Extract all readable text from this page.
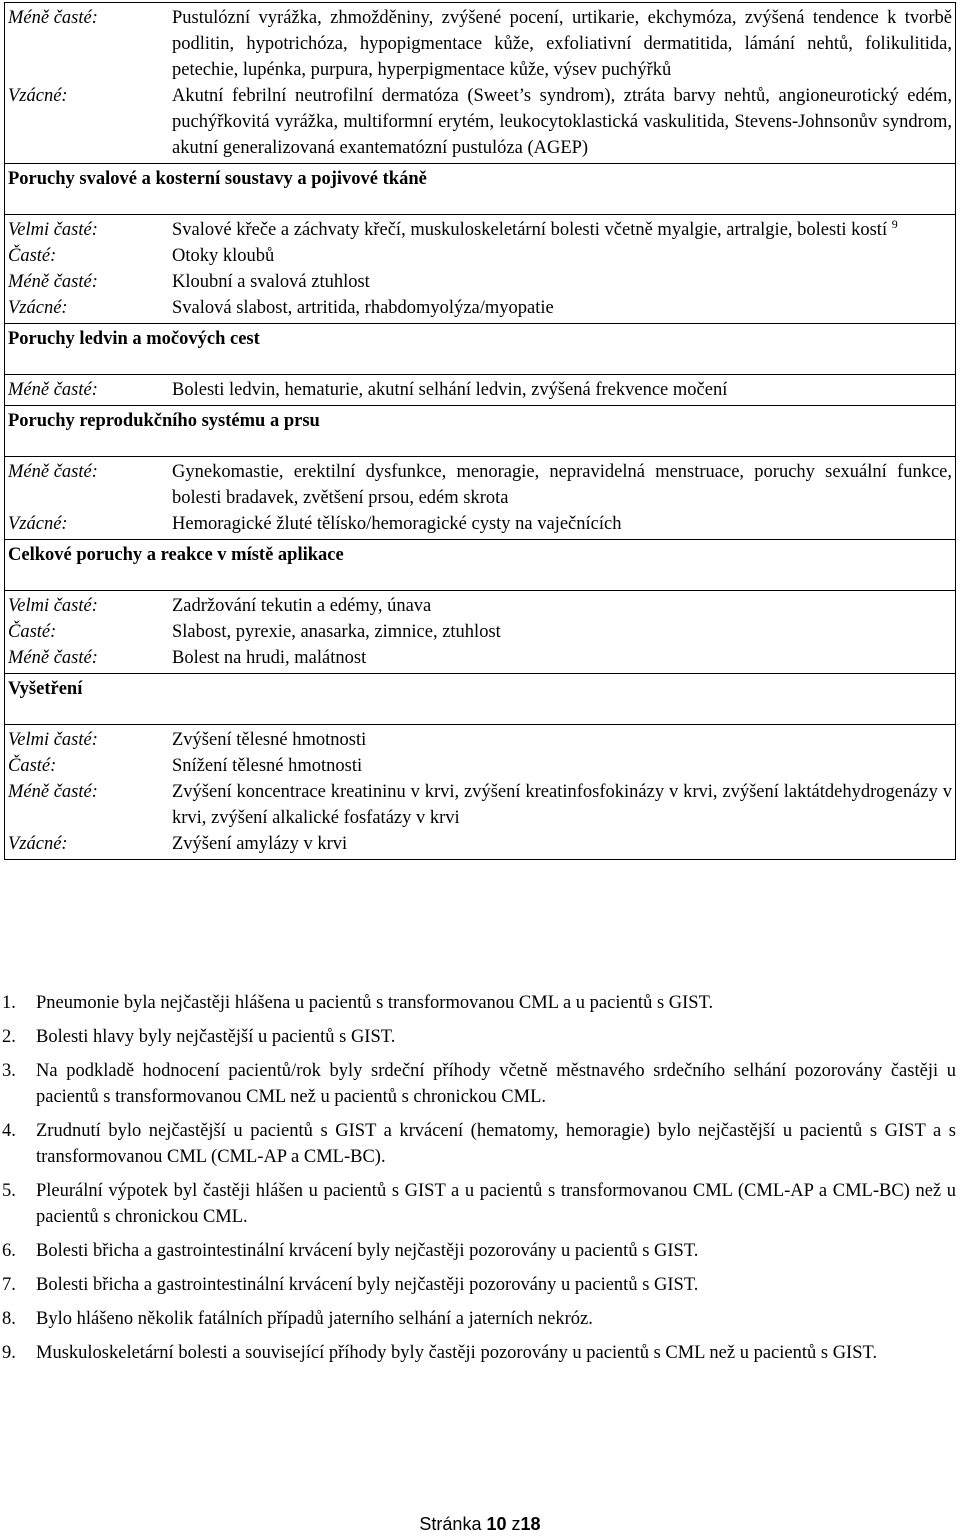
Méně časté:	Pustulózní vyrážka, zhmožděniny, zvýšené pocení, urtikarie, ekchymóza, zvýšená tendence k tvorbě podlitin, hypotrichóza, hypopigmentace kůže, exfoliativní dermatitida, lámání nehtů, folikulitida, petechie, lupénka, purpura, hyperpigmentace kůže, výsev puchýřků
Vzácné:	Akutní febrilní neutrofilní dermatóza (Sweet’s syndrom), ztráta barvy nehtů, angioneurotický edém, puchýřkovitá vyrážka, multiformní erytém, leukocytoklastická vaskulitida, Stevens-Johnsonův syndrom, akutní generalizovaná exantematózní pustulóza (AGEP)

Poruchy svalové a kosterní soustavy a pojivové tkáně

Velmi časté:	Svalové křeče a záchvaty křečí, muskuloskeletární bolesti včetně myalgie, artralgie, bolesti kostí $^9$
Časté:	Otoky kloubů
Méně časté:	Kloubní a svalová ztuhlost
Vzácné:	Svalová slabost, artritida, rhabdomyolýza/myopatie

Poruchy ledvin a močových cest

Méně časté:	Bolesti ledvin, hematurie, akutní selhání ledvin, zvýšená frekvence močení

Poruchy reprodukčního systému a prsu

Méně časté:	Gynekomastie, erektilní dysfunkce, menoragie, nepravidelná menstruace, poruchy sexuální funkce, bolesti bradavek, zvětšení prsou, edém skrota
Vzácné:	Hemoragické žluté tělísko/hemoragické cysty na vaječnících

Celkové poruchy a reakce v místě aplikace

Velmi časté:	Zadržování tekutin a edémy, únava
Časté:	Slabost, pyrexie, anasarka, zimnice, ztuhlost
Méně časté:	Bolest na hrudi, malátnost

Vyšetření

Velmi časté:	Zvýšení tělesné hmotnosti
Časté:	Snížení tělesné hmotnosti
Méně časté:	Zvýšení koncentrace kreatininu v krvi, zvýšení kreatinfosfokinázy v krvi, zvýšení laktátdehydrogenázy v krvi, zvýšení alkalické fosfatázy v krvi
Vzácné:	Zvýšení amylázy v krvi
1.	Pneumonie byla nejčastěji hlášena u pacientů s transformovanou CML a u pacientů s GIST.
2.	Bolesti hlavy byly nejčastější u pacientů s GIST.
3.	Na podkladě hodnocení pacientů/rok byly srdeční příhody včetně městnavého srdečního selhání pozorovány častěji u pacientů s transformovanou CML než u pacientů s chronickou CML.
4.	Zrudnutí bylo nejčastější u pacientů s GIST a krvácení (hematomy, hemoragie) bylo nejčastější u pacientů s GIST a s transformovanou CML (CML-AP a CML-BC).
5.	Pleurální výpotek byl častěji hlášen u pacientů s GIST a u pacientů s transformovanou CML (CML-AP a CML-BC) než u pacientů s chronickou CML.
6.	Bolesti břicha a gastrointestinální krvácení byly nejčastěji pozorovány u pacientů s GIST.
7.	Bolesti břicha a gastrointestinální krvácení byly nejčastěji pozorovány u pacientů s GIST.
8.	Bylo hlášeno několik fatálních případů jaterního selhání a jaterních nekróz.
9.	Muskuloskeletární bolesti a související příhody byly častěji pozorovány u pacientů s CML než u pacientů s GIST.
Stránka 10 z18
